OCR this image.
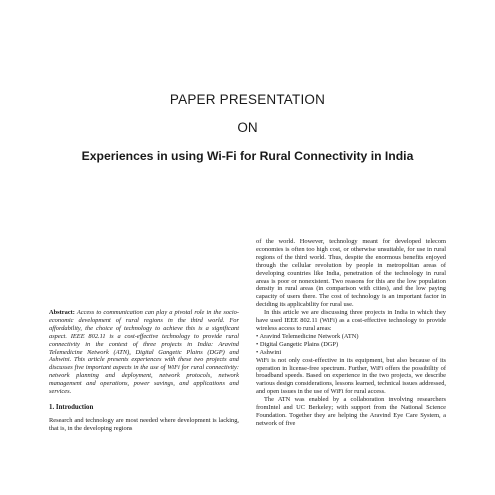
PAPER PRESENTATION
ON
Experiences in using Wi-Fi for Rural Connectivity in India

Abstract: Access to communication can play a pivotal role in the socio-economic development of rural regions in the third world. For affordability, the choice of technology to achieve this is a significant aspect. IEEE 802.11 is a cost-effective technology to provide rural connectivity in the context of three projects in India: Aravind Telemedicine Network (ATN), Digital Gangetic Plains (DGP) and Ashwini. This article presents experiences with these two projects and discusses five important aspects in the use of WiFi for rural connectivity: network planning and deployment, network protocols, network management and operations, power savings, and applications and services.

1. Introduction

Research and technology are most needed where development is lacking, that is, in the developing regions

of the world. However, technology meant for developed telecom economies is often too high cost, or otherwise unsuitable, for use in rural regions of the third world. Thus, despite the enormous benefits enjoyed through the cellular revolution by people in metropolitan areas of developing countries like India, penetration of the technology in rural areas is poor or nonexistent. Two reasons for this are the low population density in rural areas (in comparison with cities), and the low paying capacity of users there. The cost of technology is an important factor in deciding its applicability for rural use.

In this article we are discussing three projects in India in which they have used IEEE 802.11 (WiFi) as a cost-effective technology to provide wireless access to rural areas:

• Aravind Telemedicine Network (ATN)
• Digital Gangetic Plains (DGP)
• Ashwini

WiFi is not only cost-effective in its equipment, but also because of its operation in license-free spectrum. Further, WiFi offers the possibility of broadband speeds. Based on experience in the two projects, we describe various design considerations, lessons learned, technical issues addressed, and open issues in the use of WiFi for rural access.

The ATN was enabled by a collaboration involving researchers fromIntel and UC Berkeley; with support from the National Science Foundation. Together they are helping the Aravind Eye Care System, a network of five
